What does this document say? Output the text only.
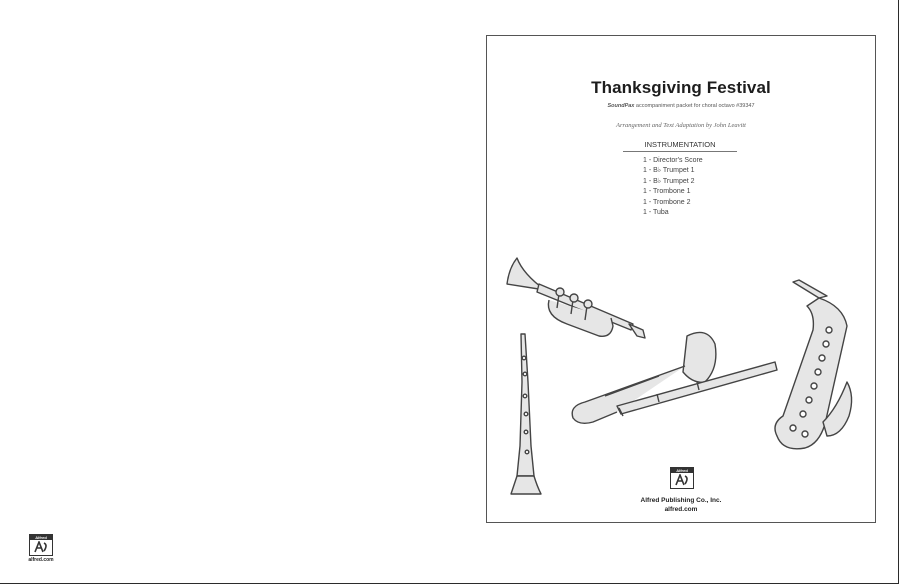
Thanksgiving Festival
SoundPax accompaniment packet for choral octavo #39347
Arrangement and Text Adaptation by John Leavitt
INSTRUMENTATION
1 - Director's Score
1 - B♭ Trumpet 1
1 - B♭ Trumpet 2
1 - Trombone 1
1 - Trombone 2
1 - Tuba
Alfred
Alfred Publishing Co., Inc.
alfred.com
Alfred
alfred.com
